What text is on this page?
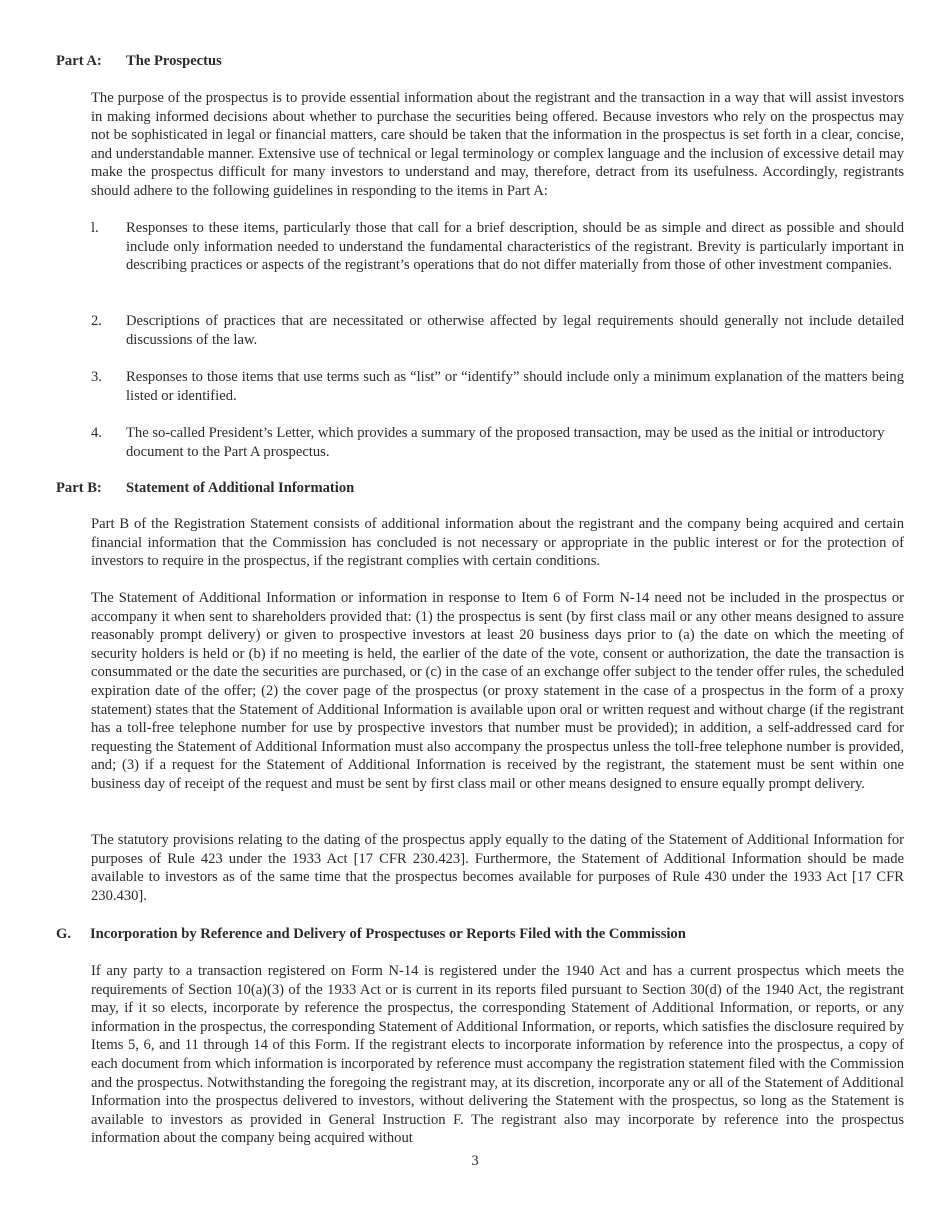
Part A: The Prospectus
The purpose of the prospectus is to provide essential information about the registrant and the transaction in a way that will assist investors in making informed decisions about whether to purchase the securities being offered. Because investors who rely on the prospectus may not be sophisticated in legal or financial matters, care should be taken that the information in the prospectus is set forth in a clear, concise, and understandable manner. Extensive use of technical or legal terminology or complex language and the inclusion of excessive detail may make the prospectus difficult for many investors to understand and may, therefore, detract from its usefulness. Accordingly, registrants should adhere to the following guidelines in responding to the items in Part A:
l. Responses to these items, particularly those that call for a brief description, should be as simple and direct as possible and should include only information needed to understand the fundamental characteristics of the registrant. Brevity is particularly important in describing practices or aspects of the registrant’s operations that do not differ materially from those of other investment companies.
2. Descriptions of practices that are necessitated or otherwise affected by legal requirements should generally not include detailed discussions of the law.
3. Responses to those items that use terms such as “list” or “identify” should include only a minimum explanation of the matters being listed or identified.
4. The so-called President’s Letter, which provides a summary of the proposed transaction, may be used as the initial or introductory document to the Part A prospectus.
Part B: Statement of Additional Information
Part B of the Registration Statement consists of additional information about the registrant and the company being acquired and certain financial information that the Commission has concluded is not necessary or appropriate in the public interest or for the protection of investors to require in the prospectus, if the registrant complies with certain conditions.
The Statement of Additional Information or information in response to Item 6 of Form N-14 need not be included in the prospectus or accompany it when sent to shareholders provided that: (1) the prospectus is sent (by first class mail or any other means designed to assure reasonably prompt delivery) or given to prospective investors at least 20 business days prior to (a) the date on which the meeting of security holders is held or (b) if no meeting is held, the earlier of the date of the vote, consent or authorization, the date the transaction is consummated or the date the securities are purchased, or (c) in the case of an exchange offer subject to the tender offer rules, the scheduled expiration date of the offer; (2) the cover page of the prospectus (or proxy statement in the case of a prospectus in the form of a proxy statement) states that the Statement of Additional Information is available upon oral or written request and without charge (if the registrant has a toll-free telephone number for use by prospective investors that number must be provided); in addition, a self-addressed card for requesting the Statement of Additional Information must also accompany the prospectus unless the toll-free telephone number is provided, and; (3) if a request for the Statement of Additional Information is received by the registrant, the statement must be sent within one business day of receipt of the request and must be sent by first class mail or other means designed to ensure equally prompt delivery.
The statutory provisions relating to the dating of the prospectus apply equally to the dating of the Statement of Additional Information for purposes of Rule 423 under the 1933 Act [17 CFR 230.423]. Furthermore, the Statement of Additional Information should be made available to investors as of the same time that the prospectus becomes available for purposes of Rule 430 under the 1933 Act [17 CFR 230.430].
G. Incorporation by Reference and Delivery of Prospectuses or Reports Filed with the Commission
If any party to a transaction registered on Form N-14 is registered under the 1940 Act and has a current prospectus which meets the requirements of Section 10(a)(3) of the 1933 Act or is current in its reports filed pursuant to Section 30(d) of the 1940 Act, the registrant may, if it so elects, incorporate by reference the prospectus, the corresponding Statement of Additional Information, or reports, or any information in the prospectus, the corresponding Statement of Additional Information, or reports, which satisfies the disclosure required by Items 5, 6, and 11 through 14 of this Form. If the registrant elects to incorporate information by reference into the prospectus, a copy of each document from which information is incorporated by reference must accompany the registration statement filed with the Commission and the prospectus. Notwithstanding the foregoing the registrant may, at its discretion, incorporate any or all of the Statement of Additional Information into the prospectus delivered to investors, without delivering the Statement with the prospectus, so long as the Statement is available to investors as provided in General Instruction F. The registrant also may incorporate by reference into the prospectus information about the company being acquired without
3
